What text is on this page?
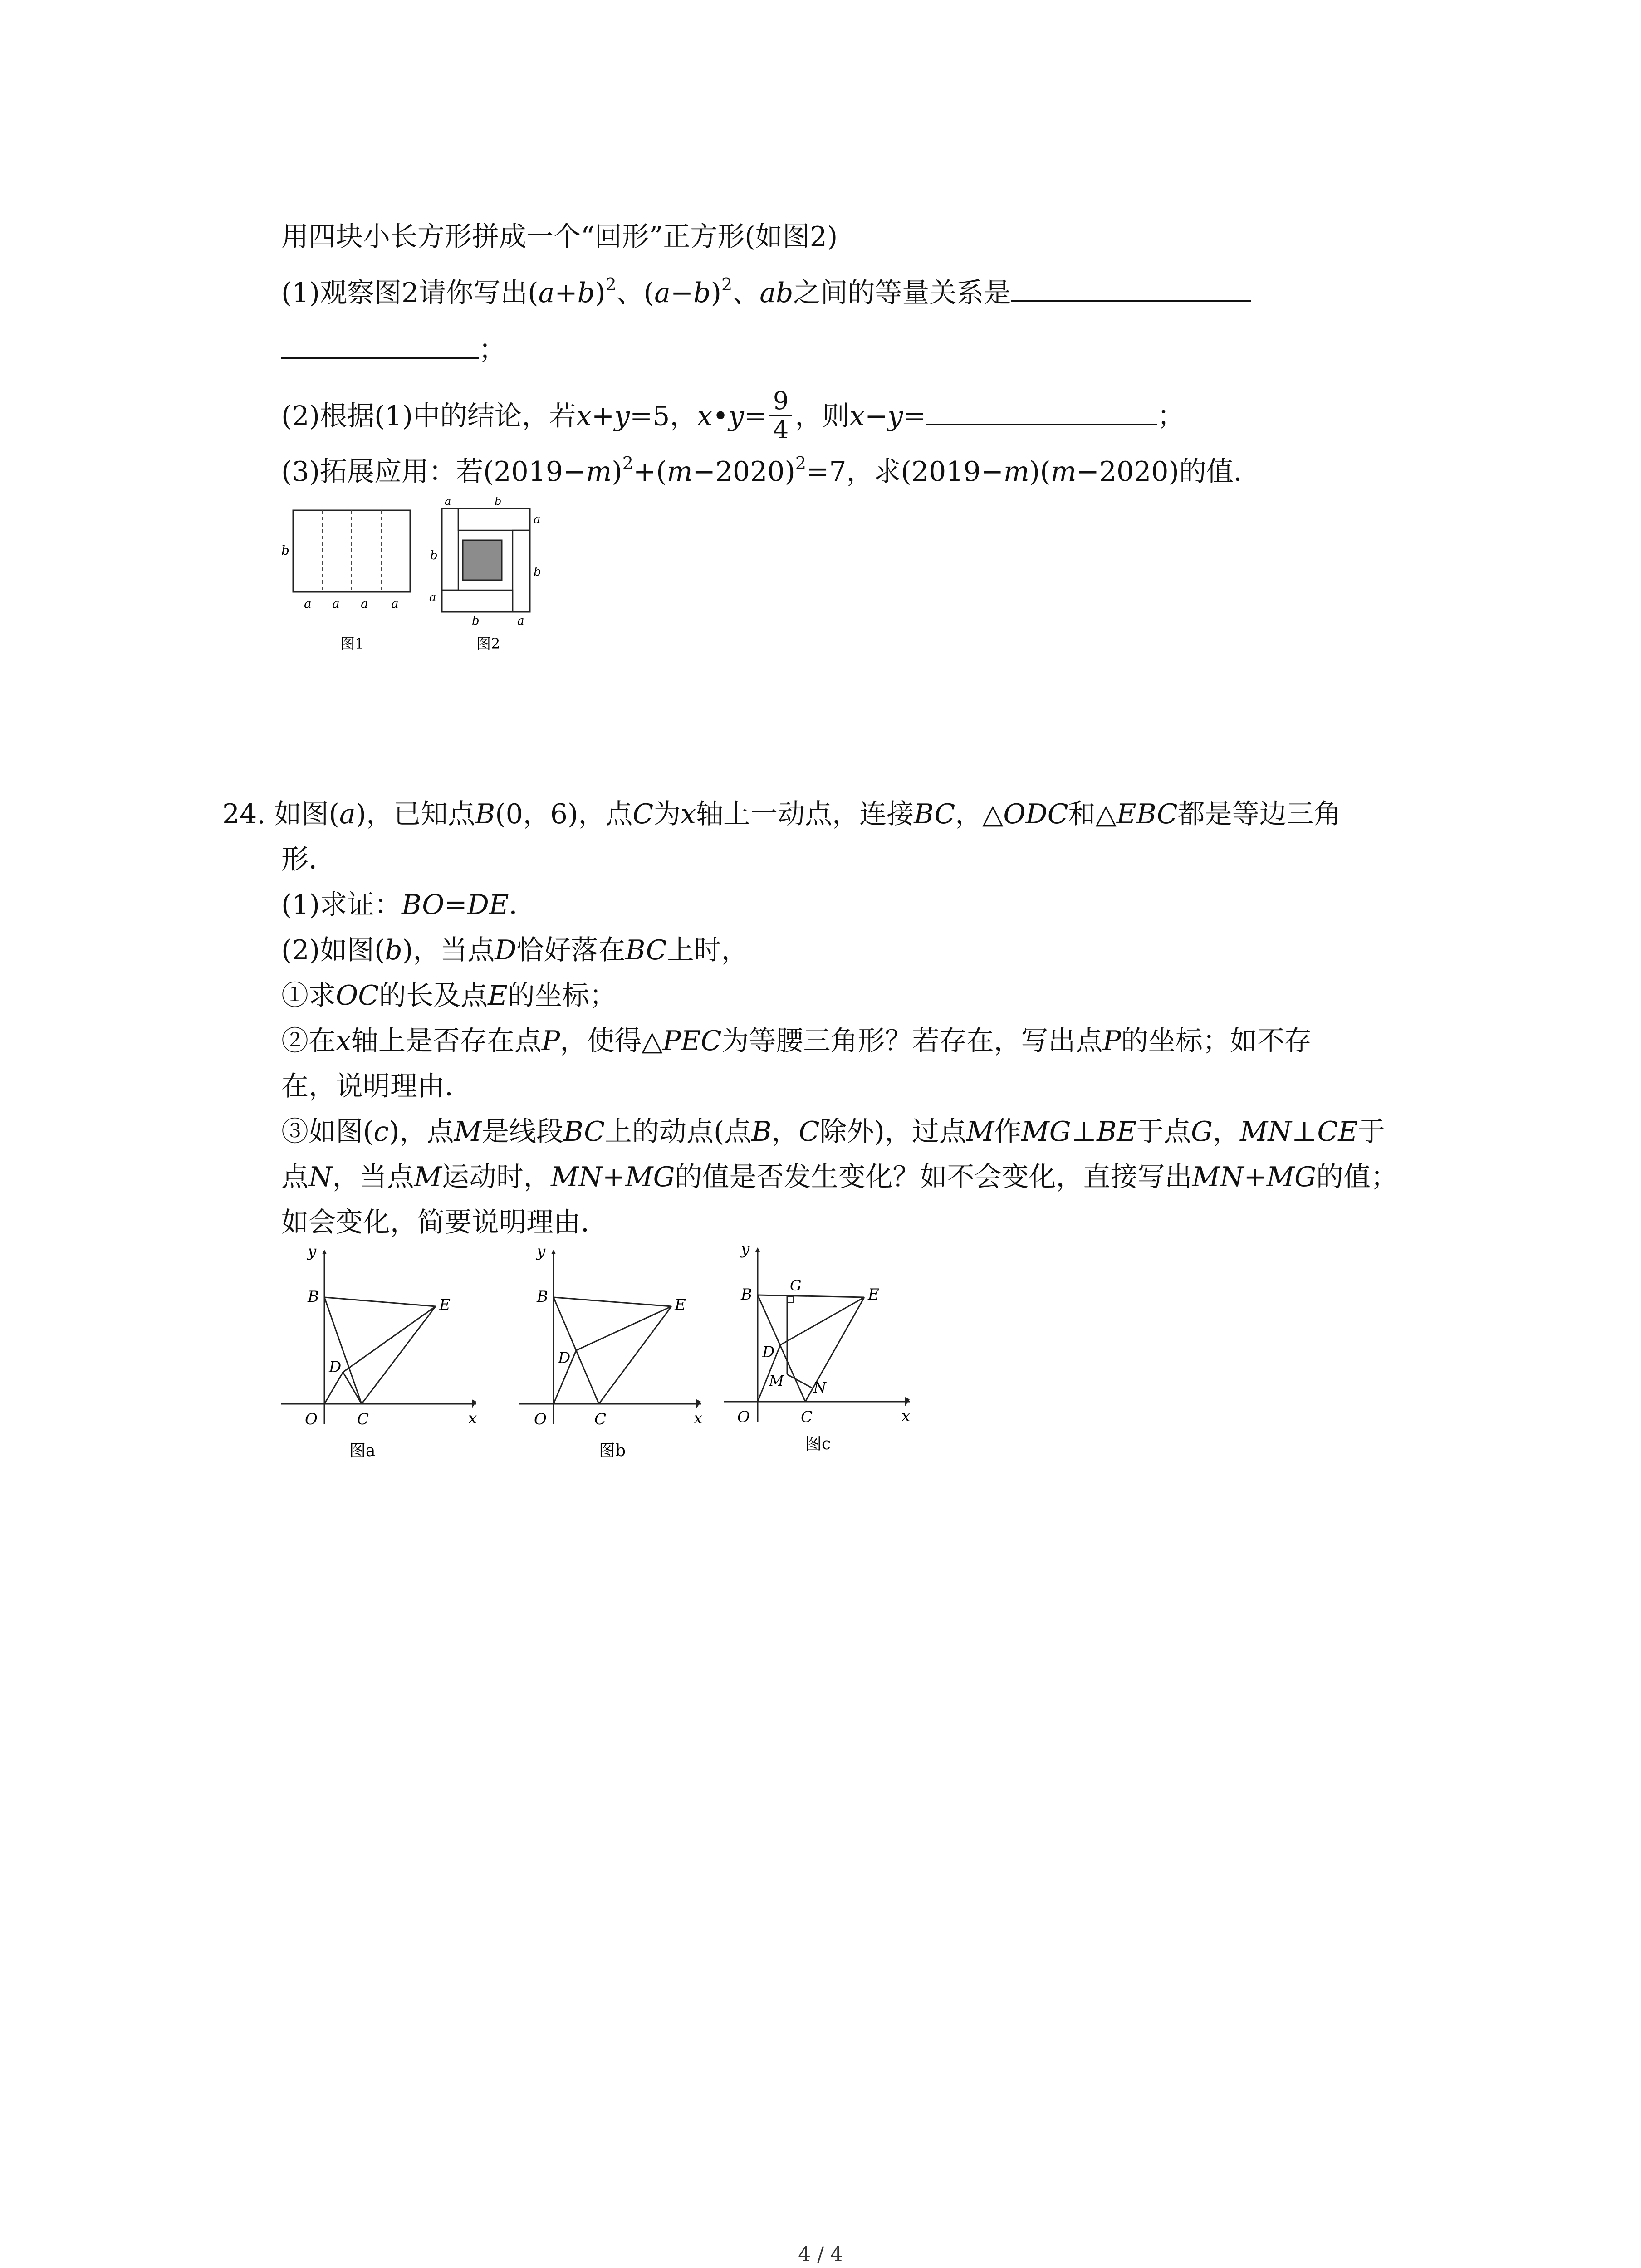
用四块小长方形拼成一个“回形”正方形(如图2)
(1)观察图2请你写出$(a+b)^2$、$(a-b)^2$、ab之间的等量关系是
；
(2)根据(1)中的结论，若x+y=5，x•y= $\frac{9}{4}$ ，则x−y=	；
(3)拓展应用：若$(2019-m)^2+(m-2020)^2=7$，求(2019−m)(m−2020)的值．
b
a a a a
图1
a	b
a
b
b
a
b	a
图2
24. 如图(a)，已知点B(0，6)，点C为x轴上一动点，连接BC，△ODC和△EBC都是等边三角
形．
(1)求证：BO=DE．
(2)如图(b)，当点D恰好落在BC上时，
①求OC的长及点E的坐标；
②在x轴上是否存在点P，使得△PEC为等腰三角形？若存在，写出点P的坐标；如不存
在，说明理由．
③如图(c)，点M是线段BC上的动点(点B，C除外)，过点M作MG⊥BE于点G，MN⊥CE于
点N，当点M运动时，MN+MG的值是否发生变化？如不会变化，直接写出MN+MG的值；
如会变化，简要说明理由．
y
B	E
D
O	C	x
图a
y
B	E
D
O	C	x
图b
y
B	G	E
D
M N
O	C	x
图c
4 / 4
